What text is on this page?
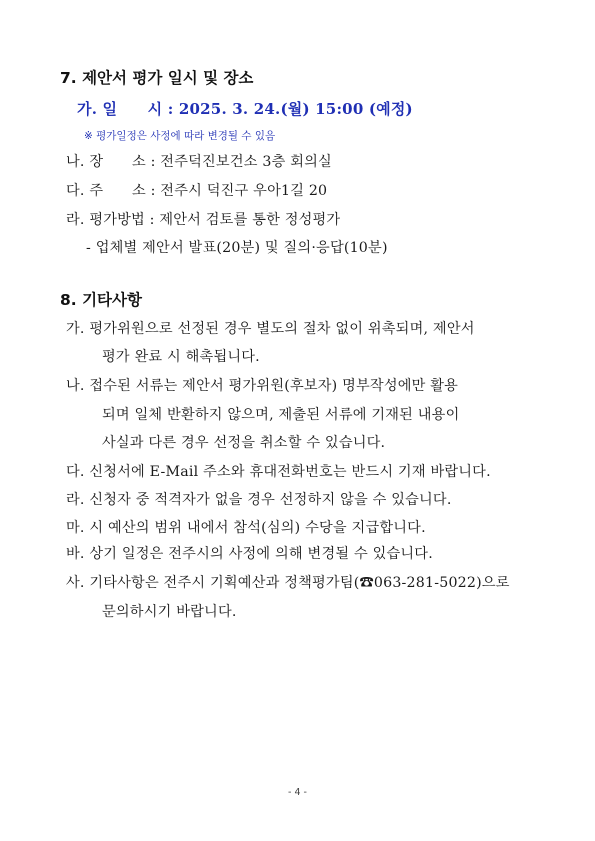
7. 제안서 평가 일시 및 장소
가. 일　　시 : 2025. 3. 24.(월) 15:00 (예정)
※ 평가일정은 사정에 따라 변경될 수 있음
나. 장　　소 : 전주덕진보건소 3층 회의실
다. 주　　소 : 전주시 덕진구 우아1길 20
라. 평가방법 : 제안서 검토를 통한 정성평가
- 업체별 제안서 발표(20분) 및 질의·응답(10분)
8. 기타사항
가. 평가위원으로 선정된 경우 별도의 절차 없이 위촉되며, 제안서
평가 완료 시 해촉됩니다.
나. 접수된 서류는 제안서 평가위원(후보자) 명부작성에만 활용
되며 일체 반환하지 않으며, 제출된 서류에 기재된 내용이
사실과 다른 경우 선정을 취소할 수 있습니다.
다. 신청서에 E-Mail 주소와 휴대전화번호는 반드시 기재 바랍니다.
라. 신청자 중 적격자가 없을 경우 선정하지 않을 수 있습니다.
마. 시 예산의 범위 내에서 참석(심의) 수당을 지급합니다.
바. 상기 일정은 전주시의 사정에 의해 변경될 수 있습니다.
사. 기타사항은 전주시 기획예산과 정책평가팀(☎063-281-5022)으로
문의하시기 바랍니다.
- 4 -
